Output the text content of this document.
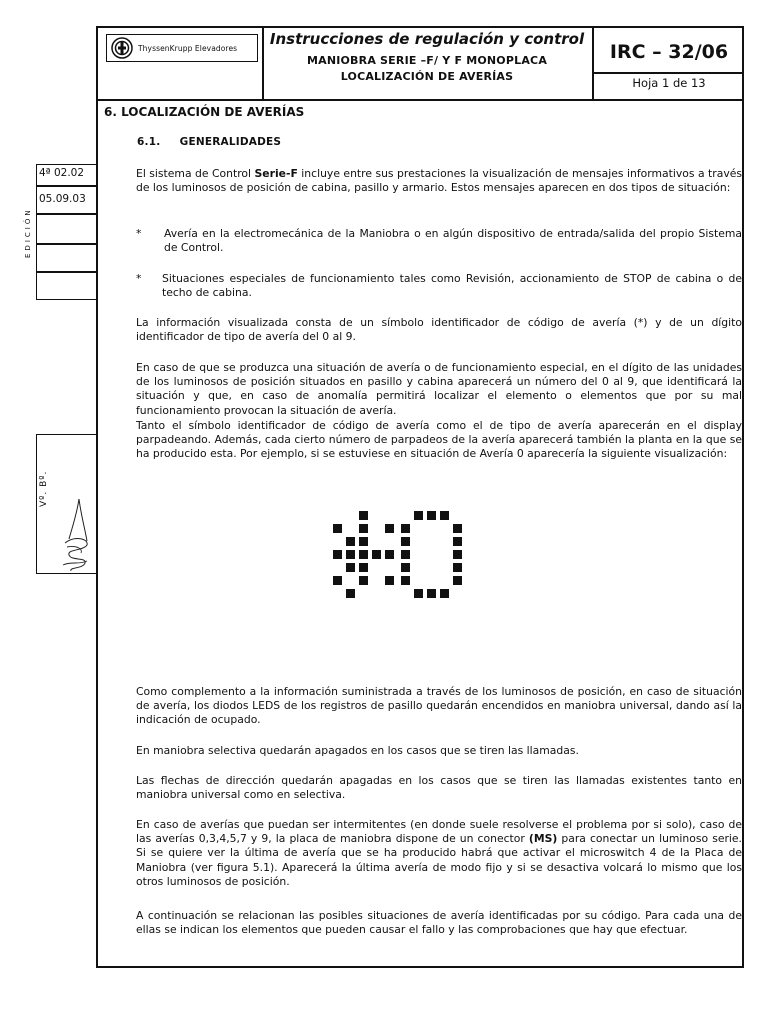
ThyssenKrupp Elevadores	Instrucciones de regulación y control
MANIOBRA SERIE –F/ Y F MONOPLACA
LOCALIZACIÓN DE AVERÍAS
IRC – 32/06
Hoja 1 de 13
6. LOCALIZACIÓN DE AVERÍAS
6.1.     GENERALIDADES
4ª 02.02
05.09.03
EDICIÓN
Vº. Bº.

El sistema de Control Serie-F incluye entre sus prestaciones la visualización de mensajes informativos a través de los luminosos de posición de cabina, pasillo y armario. Estos mensajes aparecen en dos tipos de situación:

* Avería en la electromecánica de la Maniobra o en algún dispositivo de entrada/salida del propio Sistema de Control.

* Situaciones especiales de funcionamiento tales como Revisión, accionamiento de STOP de cabina o de techo de cabina.

La información visualizada consta de un símbolo identificador de código de avería (*) y de un dígito identificador de tipo de avería del 0 al 9.

En caso de que se produzca una situación de avería o de funcionamiento especial, en el dígito de las unidades de los luminosos de posición situados en pasillo y cabina aparecerá un número del 0 al 9, que identificará la situación y que, en caso de anomalía permitirá localizar el elemento o elementos que por su mal funcionamiento provocan la situación de avería.

Tanto el símbolo identificador de código de avería como el de tipo de avería aparecerán en el display parpadeando. Además, cada cierto número de parpadeos de la avería aparecerá también la planta en la que se ha producido esta. Por ejemplo, si se estuviese en situación de Avería 0 aparecería la siguiente visualización:

Como complemento a la información suministrada a través de los luminosos de posición, en caso de situación de avería, los diodos LEDS de los registros de pasillo quedarán encendidos en maniobra universal, dando así la indicación de ocupado.

En maniobra selectiva quedarán apagados en los casos que se tiren las llamadas.

Las flechas de dirección quedarán apagadas en los casos que se tiren las llamadas existentes tanto en maniobra universal como en selectiva.

En caso de averías que puedan ser intermitentes (en donde suele resolverse el problema por si solo), caso de las averías 0,3,4,5,7 y 9, la placa de maniobra dispone de un conector (MS) para conectar un luminoso serie. Si se quiere ver la última de avería que se ha producido habrá que activar el microswitch 4 de la Placa de Maniobra (ver figura 5.1). Aparecerá la última avería de modo fijo y si se desactiva volcará lo mismo que los otros luminosos de posición.

A continuación se relacionan las posibles situaciones de avería identificadas por su código. Para cada una de ellas se indican los elementos que pueden causar el fallo y las comprobaciones que hay que efectuar.
